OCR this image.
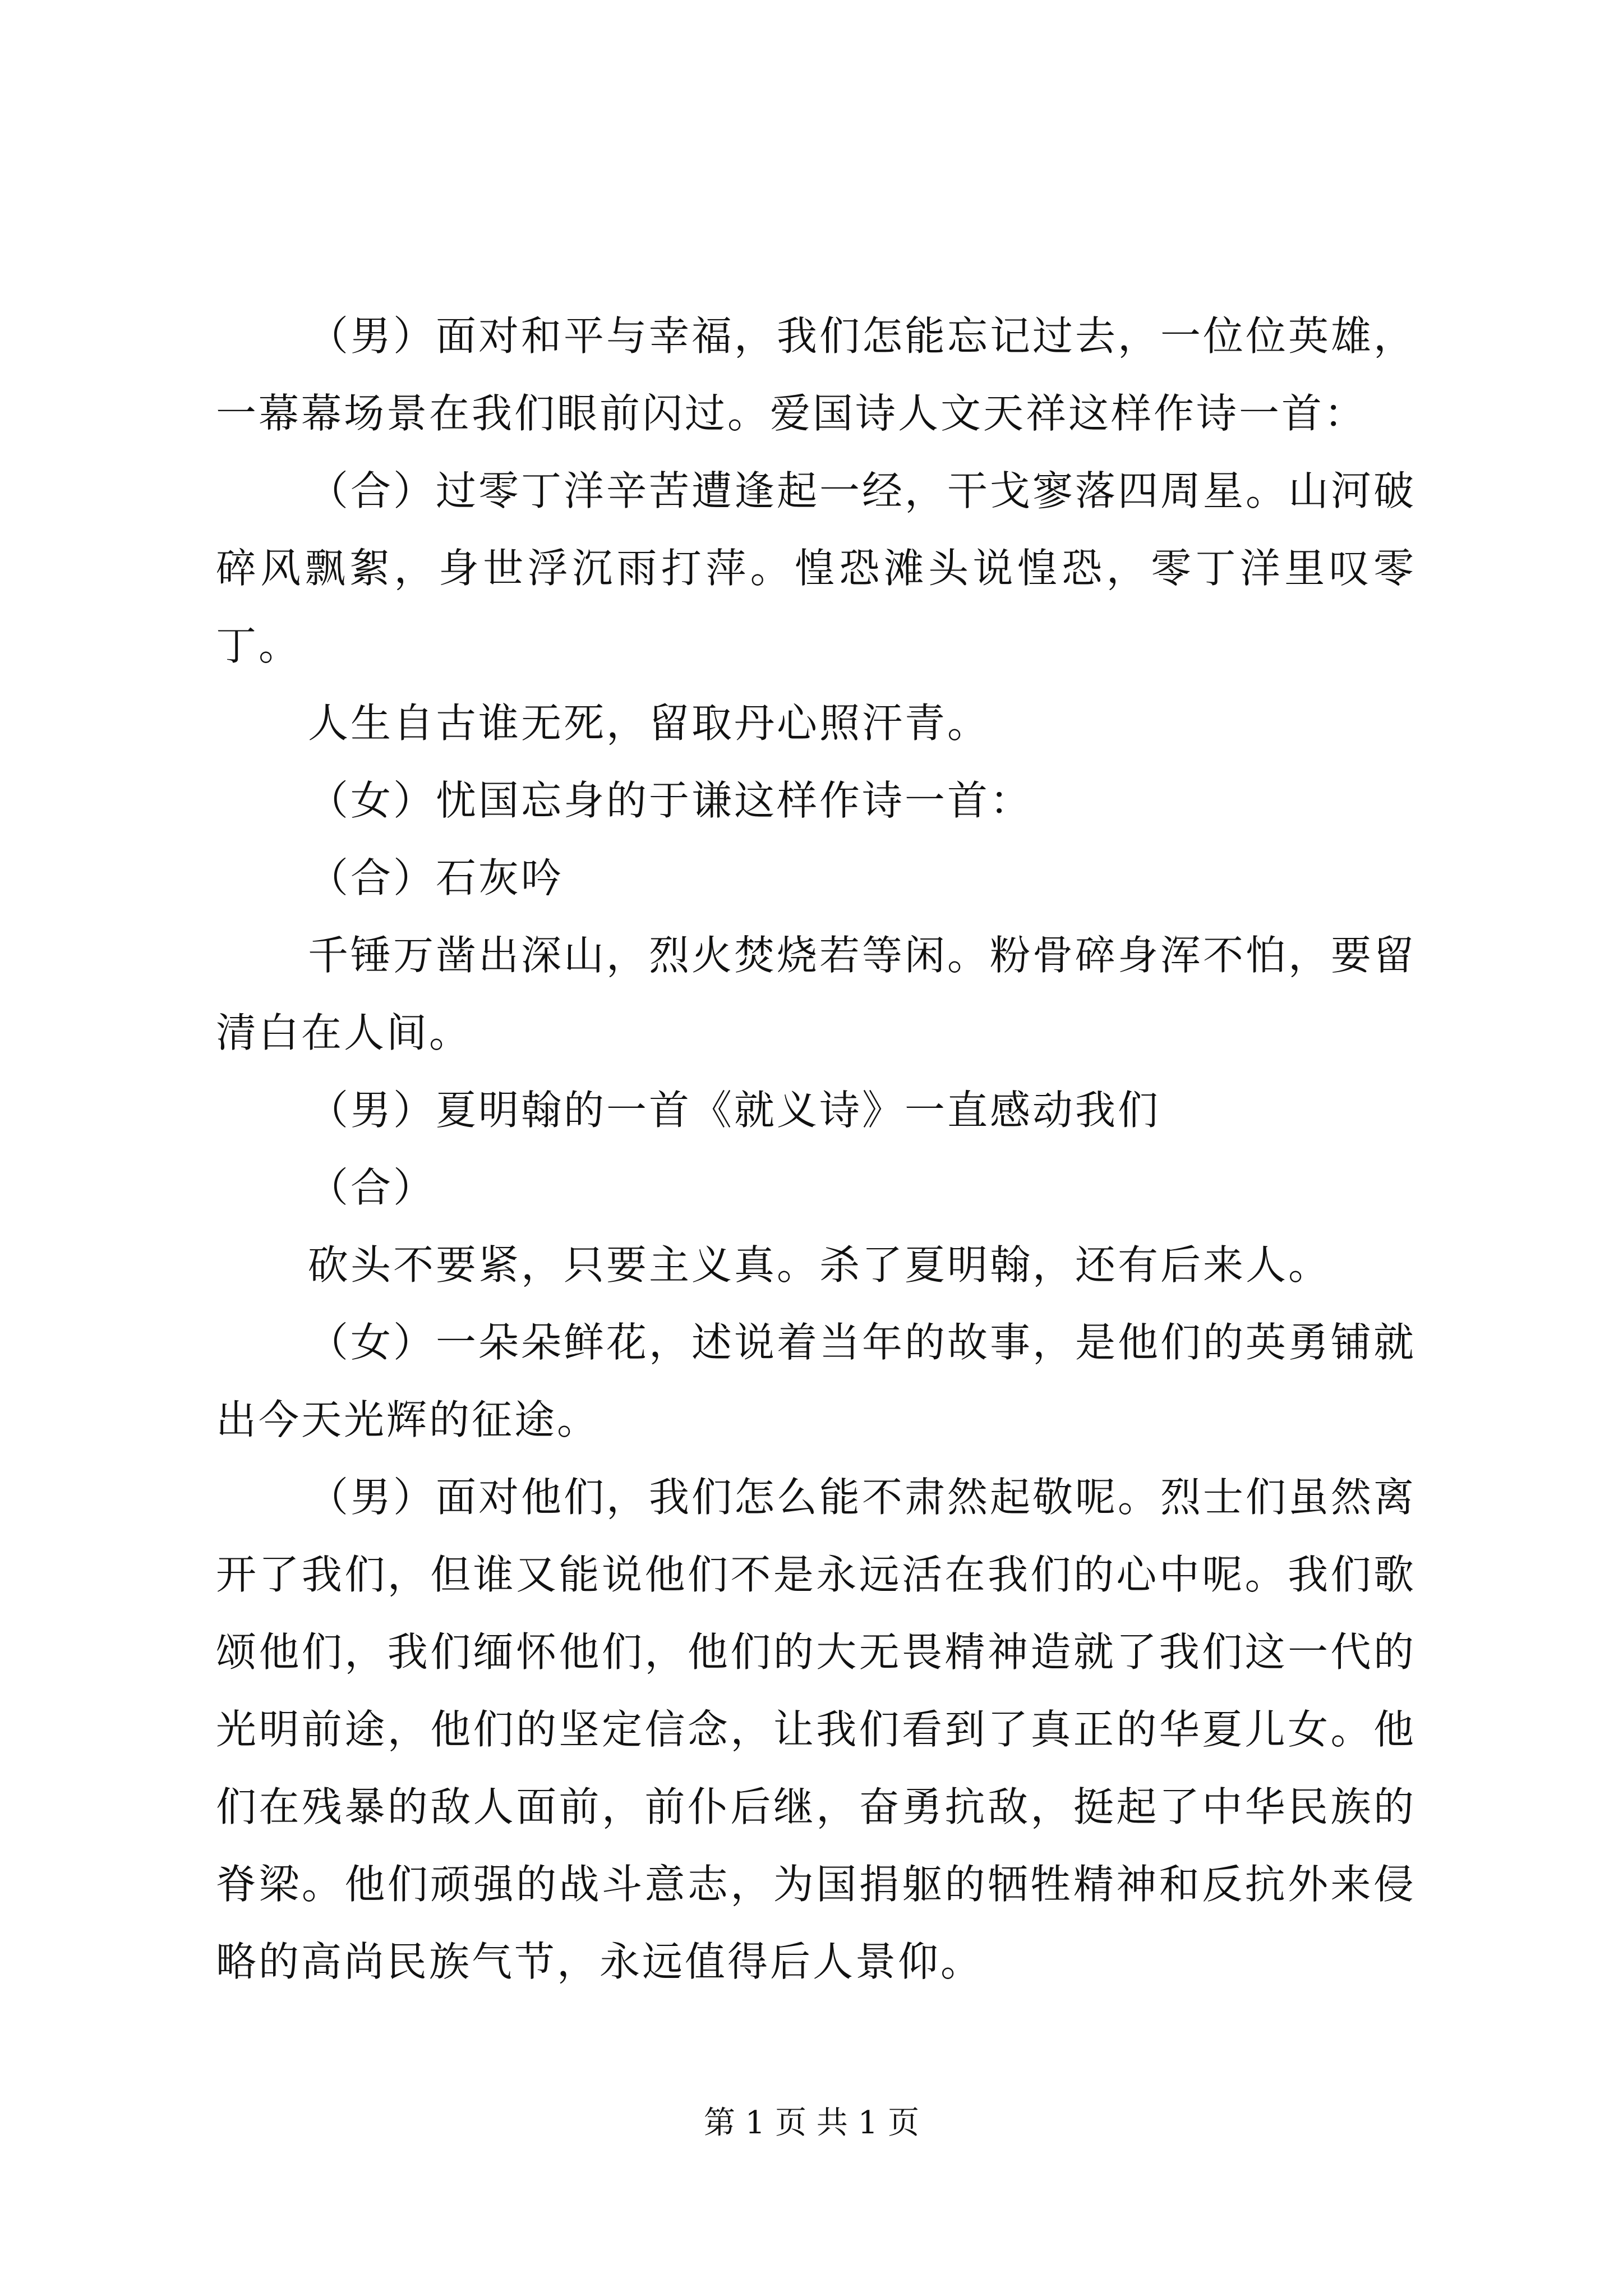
（男）面对和平与幸福，我们怎能忘记过去，一位位英雄，一幕幕场景在我们眼前闪过。爱国诗人文天祥这样作诗一首：

（合）过零丁洋辛苦遭逢起一经，干戈寥落四周星。山河破碎风飘絮，身世浮沉雨打萍。惶恐滩头说惶恐，零丁洋里叹零丁。

人生自古谁无死，留取丹心照汗青。

（女）忧国忘身的于谦这样作诗一首：

（合）石灰吟

千锤万凿出深山，烈火焚烧若等闲。粉骨碎身浑不怕，要留清白在人间。

（男）夏明翰的一首《就义诗》一直感动我们

（合）

砍头不要紧，只要主义真。杀了夏明翰，还有后来人。

（女）一朵朵鲜花，述说着当年的故事，是他们的英勇铺就出今天光辉的征途。

（男）面对他们，我们怎么能不肃然起敬呢。烈士们虽然离开了我们，但谁又能说他们不是永远活在我们的心中呢。我们歌颂他们，我们缅怀他们，他们的大无畏精神造就了我们这一代的光明前途，他们的坚定信念，让我们看到了真正的华夏儿女。他们在残暴的敌人面前，前仆后继，奋勇抗敌，挺起了中华民族的脊梁。他们顽强的战斗意志，为国捐躯的牺牲精神和反抗外来侵略的高尚民族气节，永远值得后人景仰。

第 1 页 共 1 页
